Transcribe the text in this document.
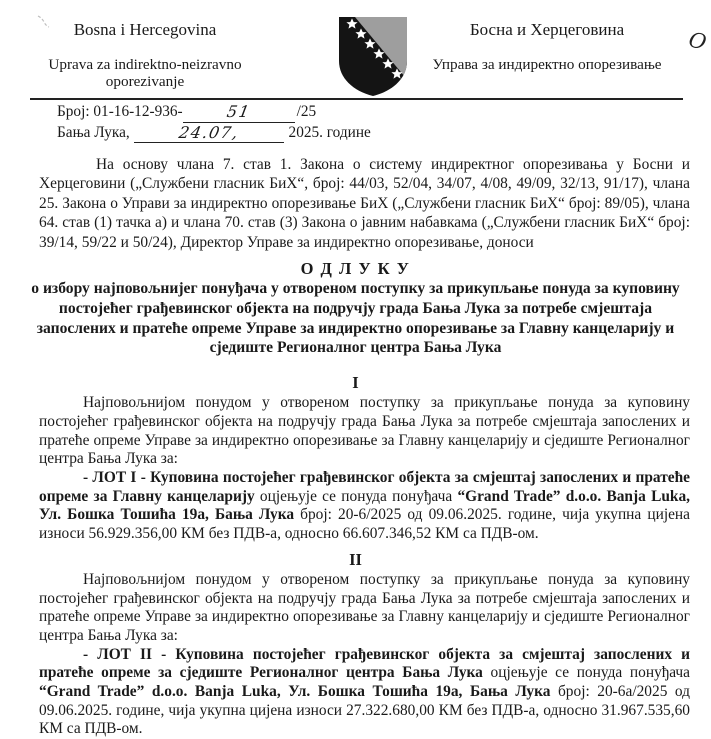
Bosna i Hercegovina
Uprava za indirektno-neizravno oporezivanje
Босна и Херцеговина
Управа за индиректно опорезивање
O
Број: 01-16-12-936-	51	/25
Бања Лука,	24.07,	2025. године

На основу члана 7. став 1. Закона о систему индиректног опорезивања у Босни и Херцеговини („Службени гласник БиХ“, број: 44/03, 52/04, 34/07, 4/08, 49/09, 32/13, 91/17), члана 25. Закона о Управи за индиректно опорезивање БиХ („Службени гласник БиХ“ број: 89/05), члана 64. став (1) тачка а) и члана 70. став (3) Закона о јавним набавкама („Службени гласник БиХ“ број: 39/14, 59/22 и 50/24), Директор Управе за индиректно опорезивање, доноси

О Д Л У К У
о избору најповољнијег понуђача у отвореном поступку за прикупљање понуда за куповину постојећег грађевинског објекта на подручју града Бања Лука за потребе смјештаја запослених и пратеће опреме Управе за индиректно опорезивање за Главну канцеларију и сједиште Регионалног центра Бања Лука
I

Најповољнијом понудом у отвореном поступку за прикупљање понуда за куповину постојећег грађевинског објекта на подручју града Бања Лука за потребе смјештаја запослених и пратеће опреме Управе за индиректно опорезивање за Главну канцеларију и сједиште Регионалног центра Бања Лука за:

- ЛОТ I - Куповина постојећег грађевинског објекта за смјештај запослених и пратеће опреме за Главну канцеларију оцјењује се понуда понуђача “Grand Trade” d.o.o. Banja Luka, Ул. Бошка Тошића 19а, Бања Лука број: 20-6/2025 од 09.06.2025. године, чија укупна цијена износи 56.929.356,00 КМ без ПДВ-а, односно 66.607.346,52 КМ са ПДВ-ом.

II

Најповољнијом понудом у отвореном поступку за прикупљање понуда за куповину постојећег грађевинског објекта на подручју града Бања Лука за потребе смјештаја запослених и пратеће опреме Управе за индиректно опорезивање за Главну канцеларију и сједиште Регионалног центра Бања Лука за:

- ЛОТ II - Куповина постојећег грађевинског објекта за смјештај запослених и пратеће опреме за сједиште Регионалног центра Бања Лука оцјењује се понуда понуђача “Grand Trade” d.o.o. Banja Luka, Ул. Бошка Тошића 19а, Бања Лука број: 20-6а/2025 од 09.06.2025. године, чија укупна цијена износи 27.322.680,00 КМ без ПДВ-а, односно 31.967.535,60 КМ са ПДВ-ом.
